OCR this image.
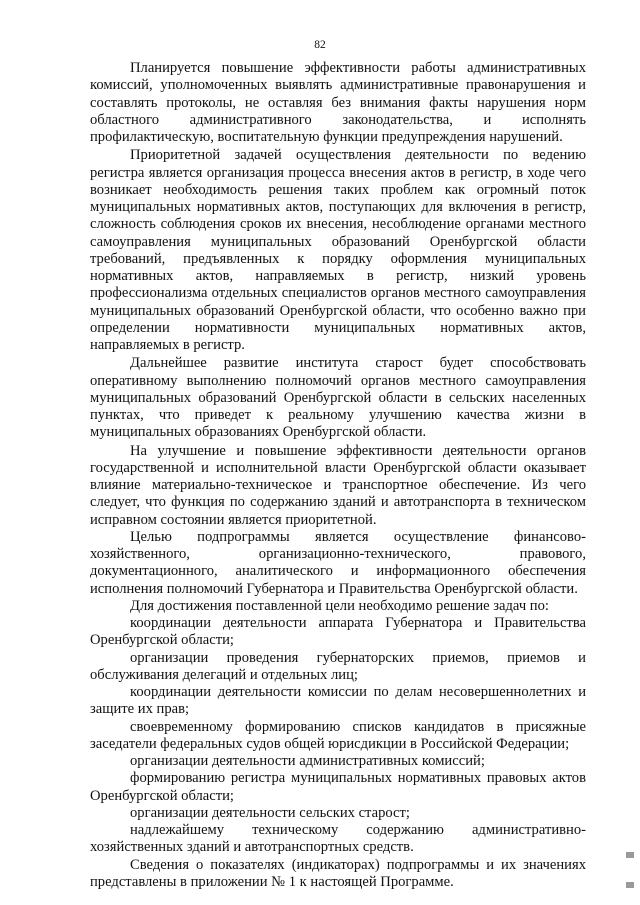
82

Планируется повышение эффективности работы административных комиссий, уполномоченных выявлять административные правонарушения и составлять протоколы, не оставляя без внимания факты нарушения норм областного административного законодательства, и исполнять профилактическую, воспитательную функции предупреждения нарушений.

Приоритетной задачей осуществления деятельности по ведению регистра является организация процесса внесения актов в регистр, в ходе чего возникает необходимость решения таких проблем как огромный поток муниципальных нормативных актов, поступающих для включения в регистр, сложность соблюдения сроков их внесения, несоблюдение органами местного самоуправления муниципальных образований Оренбургской области требований, предъявленных к порядку оформления муниципальных нормативных актов, направляемых в регистр, низкий уровень профессионализма отдельных специалистов органов местного самоуправления муниципальных образований Оренбургской области, что особенно важно при определении нормативности муниципальных нормативных актов, направляемых в регистр.

Дальнейшее развитие института старост будет способствовать оперативному выполнению полномочий органов местного самоуправления муниципальных образований Оренбургской области в сельских населенных пунктах, что приведет к реальному улучшению качества жизни в муниципальных образованиях Оренбургской области.

На улучшение и повышение эффективности деятельности органов государственной и исполнительной власти Оренбургской области оказывает влияние материально-техническое и транспортное обеспечение. Из чего следует, что функция по содержанию зданий и автотранспорта в техническом исправном состоянии является приоритетной.

Целью подпрограммы является осуществление финансово-хозяйственного, организационно-технического, правового, документационного, аналитического и информационного обеспечения исполнения полномочий Губернатора и Правительства Оренбургской области.

Для достижения поставленной цели необходимо решение задач по:

координации деятельности аппарата Губернатора и Правительства Оренбургской области;

организации проведения губернаторских приемов, приемов и обслуживания делегаций и отдельных лиц;

координации деятельности комиссии по делам несовершеннолетних и защите их прав;

своевременному формированию списков кандидатов в присяжные заседатели федеральных судов общей юрисдикции в Российской Федерации;

организации деятельности административных комиссий;

формированию регистра муниципальных нормативных правовых актов Оренбургской области;

организации деятельности сельских старост;

надлежайшему техническому содержанию административно-хозяйственных зданий и автотранспортных средств.

Сведения о показателях (индикаторах) подпрограммы и их значениях представлены в приложении № 1 к настоящей Программе.
